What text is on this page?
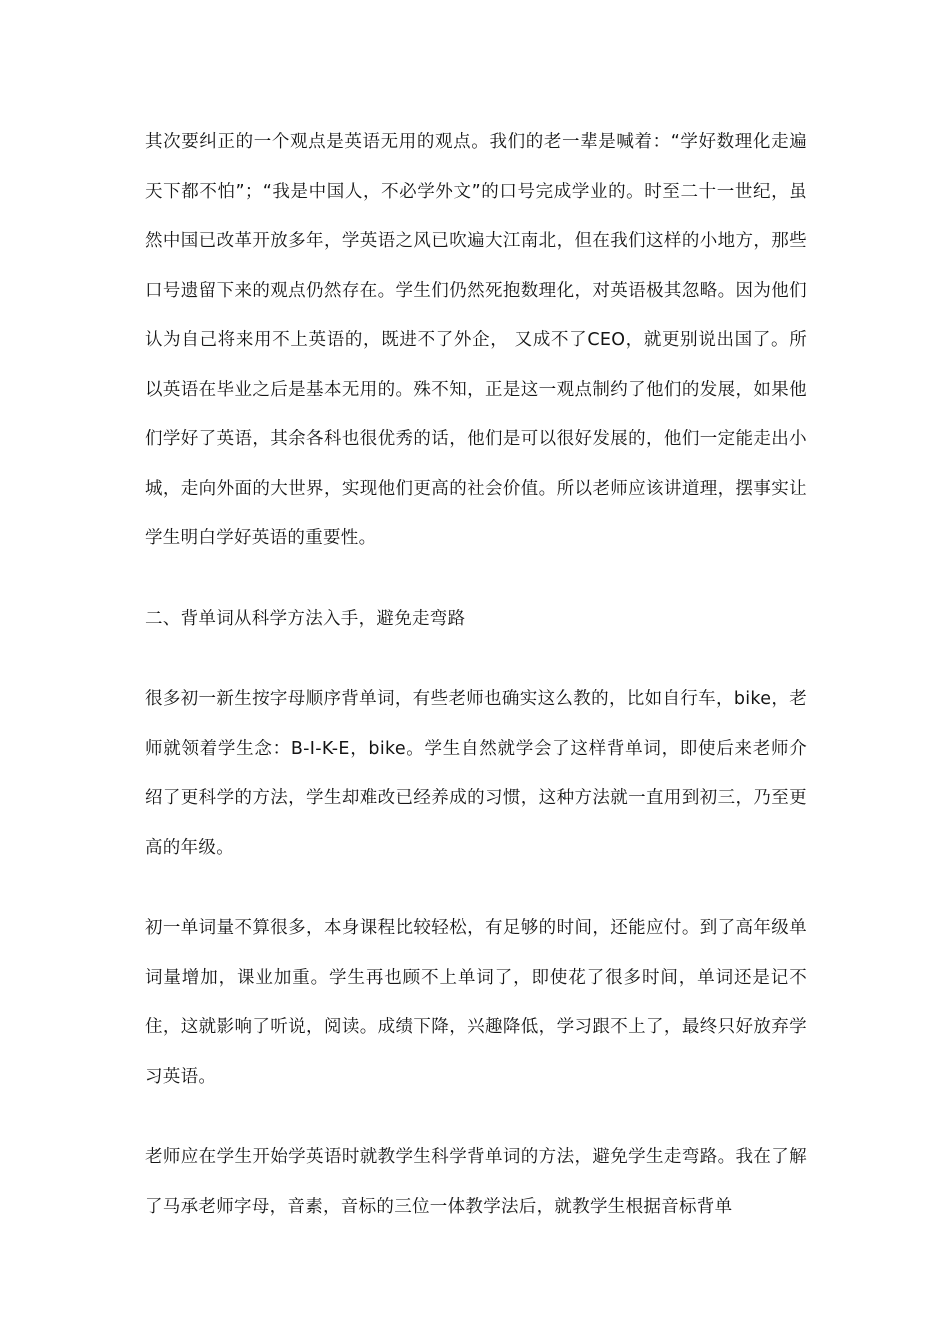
其次要纠正的一个观点是英语无用的观点。我们的老一辈是喊着：“学好数理化走遍天下都不怕”；“我是中国人，不必学外文”的口号完成学业的。时至二十一世纪，虽然中国已改革开放多年，学英语之风已吹遍大江南北，但在我们这样的小地方，那些口号遗留下来的观点仍然存在。学生们仍然死抱数理化，对英语极其忽略。因为他们认为自己将来用不上英语的，既进不了外企， 又成不了CEO，就更别说出国了。所以英语在毕业之后是基本无用的。殊不知，正是这一观点制约了他们的发展，如果他们学好了英语，其余各科也很优秀的话，他们是可以很好发展的，他们一定能走出小城，走向外面的大世界，实现他们更高的社会价值。所以老师应该讲道理，摆事实让学生明白学好英语的重要性。

二、背单词从科学方法入手，避免走弯路

很多初一新生按字母顺序背单词，有些老师也确实这么教的，比如自行车，bike，老师就领着学生念：B-I-K-E，bike。学生自然就学会了这样背单词，即使后来老师介绍了更科学的方法，学生却难改已经养成的习惯，这种方法就一直用到初三，乃至更高的年级。

初一单词量不算很多，本身课程比较轻松，有足够的时间，还能应付。到了高年级单词量增加，课业加重。学生再也顾不上单词了，即使花了很多时间，单词还是记不住，这就影响了听说，阅读。成绩下降，兴趣降低，学习跟不上了，最终只好放弃学习英语。

老师应在学生开始学英语时就教学生科学背单词的方法，避免学生走弯路。我在了解了马承老师字母，音素，音标的三位一体教学法后，就教学生根据音标背单
